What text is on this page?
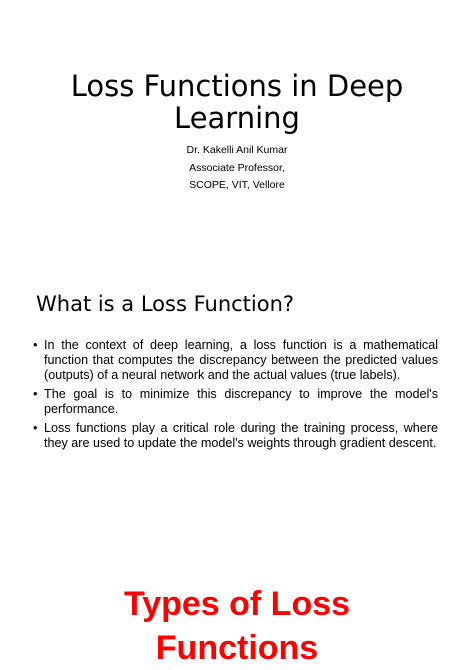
Loss Functions in Deep
Learning
Dr. Kakelli Anil Kumar
Associate Professor,
SCOPE, VIT, Vellore
What is a Loss Function?
• In the context of deep learning, a loss function is a mathematical function that computes the discrepancy between the predicted values (outputs) of a neural network and the actual values (true labels).
• The goal is to minimize this discrepancy to improve the model's performance.
• Loss functions play a critical role during the training process, where they are used to update the model's weights through gradient descent.
Types of Loss
Functions
